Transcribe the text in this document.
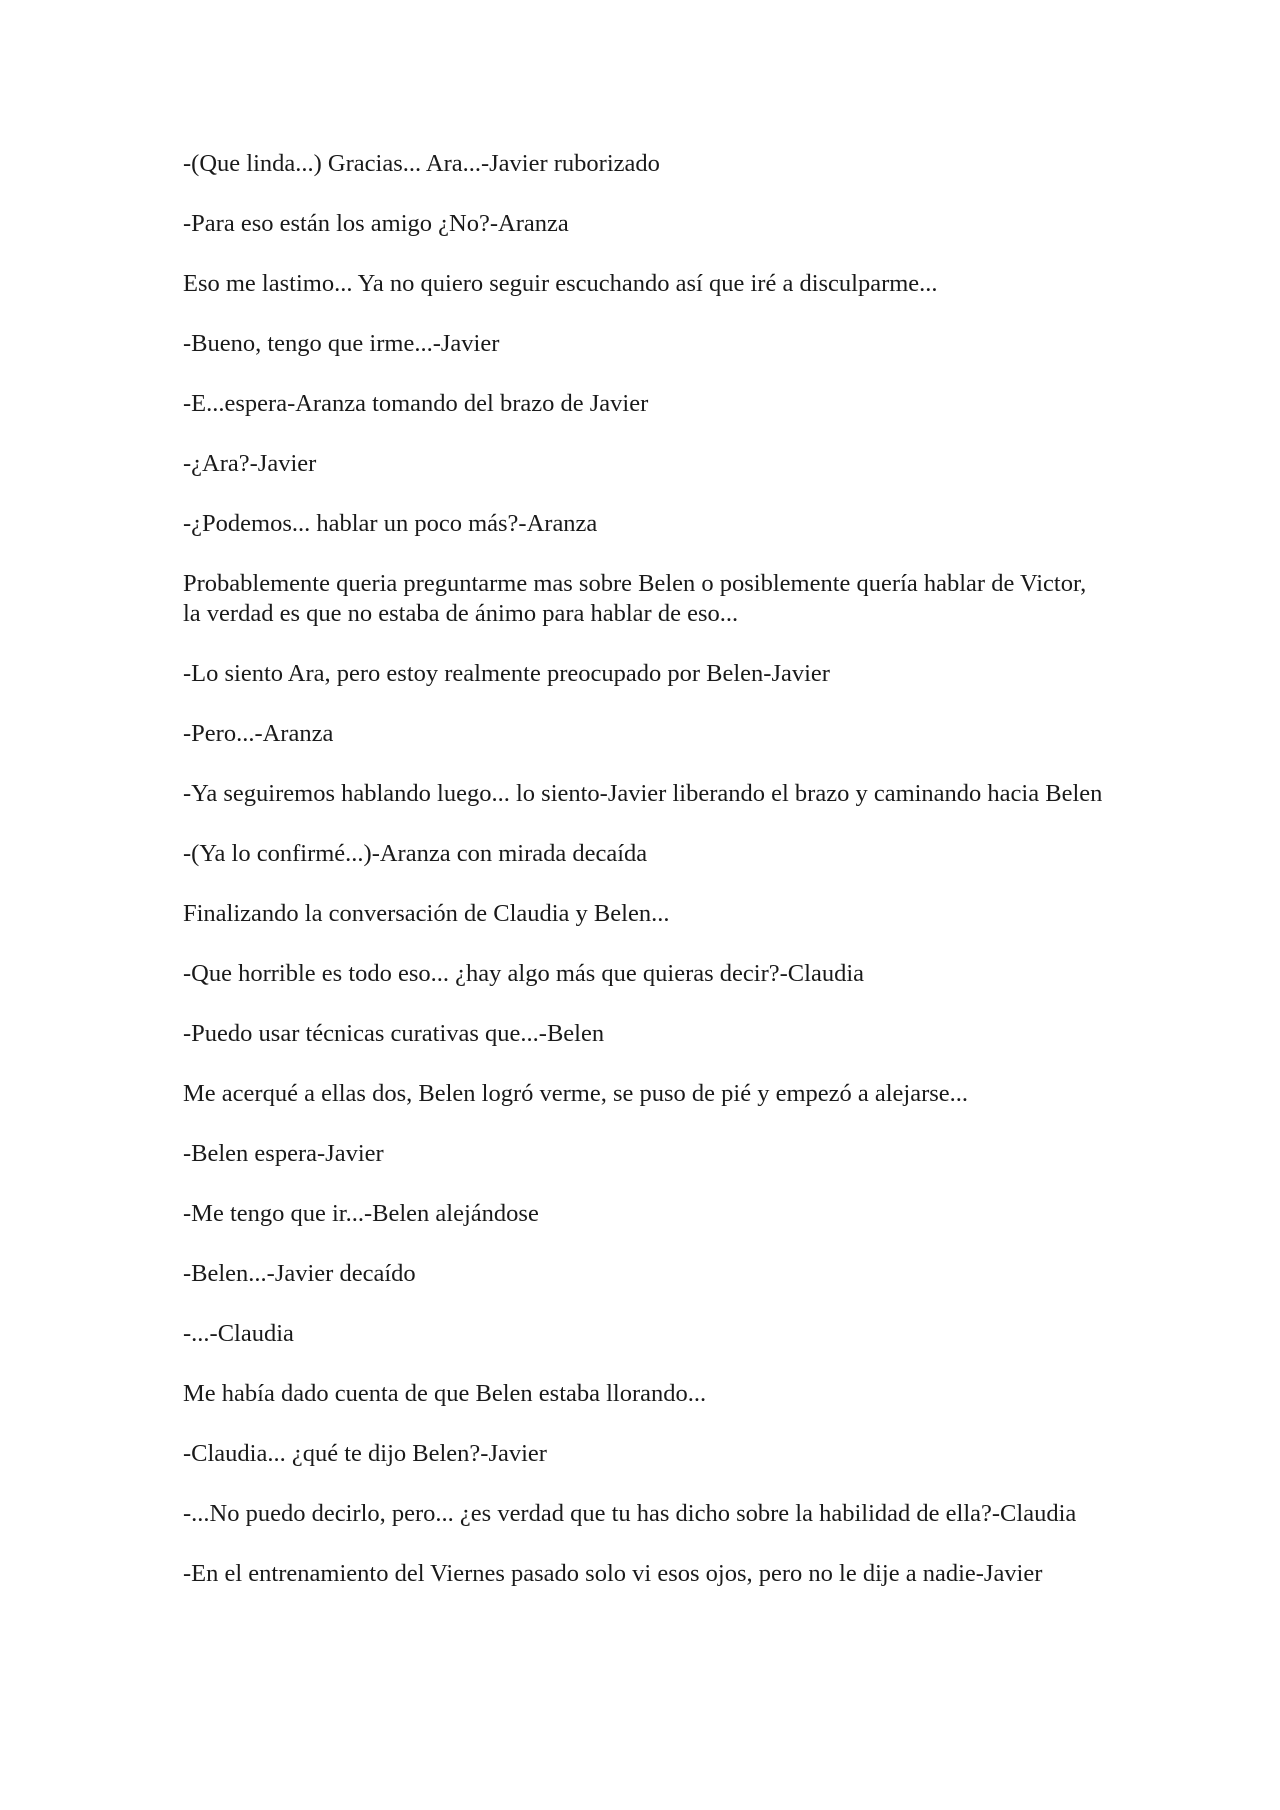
-(Que linda...) Gracias... Ara...-Javier ruborizado

-Para eso están los amigo ¿No?-Aranza

Eso me lastimo... Ya no quiero seguir escuchando así que iré a disculparme...

-Bueno, tengo que irme...-Javier

-E...espera-Aranza tomando del brazo de Javier

-¿Ara?-Javier

-¿Podemos... hablar un poco más?-Aranza

Probablemente queria preguntarme mas sobre Belen o posiblemente quería hablar de Victor, la verdad es que no estaba de ánimo para hablar de eso...

-Lo siento Ara, pero estoy realmente preocupado por Belen-Javier

-Pero...-Aranza

-Ya seguiremos hablando luego... lo siento-Javier liberando el brazo y caminando hacia Belen

-(Ya lo confirmé...)-Aranza con mirada decaída

Finalizando la conversación de Claudia y Belen...

-Que horrible es todo eso... ¿hay algo más que quieras decir?-Claudia

-Puedo usar técnicas curativas que...-Belen

Me acerqué a ellas dos, Belen logró verme, se puso de pié y empezó a alejarse...

-Belen espera-Javier

-Me tengo que ir...-Belen alejándose

-Belen...-Javier decaído

-...-Claudia

Me había dado cuenta de que Belen estaba llorando...

-Claudia... ¿qué te dijo Belen?-Javier

-...No puedo decirlo, pero... ¿es verdad que tu has dicho sobre la habilidad de ella?-Claudia

-En el entrenamiento del Viernes pasado solo vi esos ojos, pero no le dije a nadie-Javier
